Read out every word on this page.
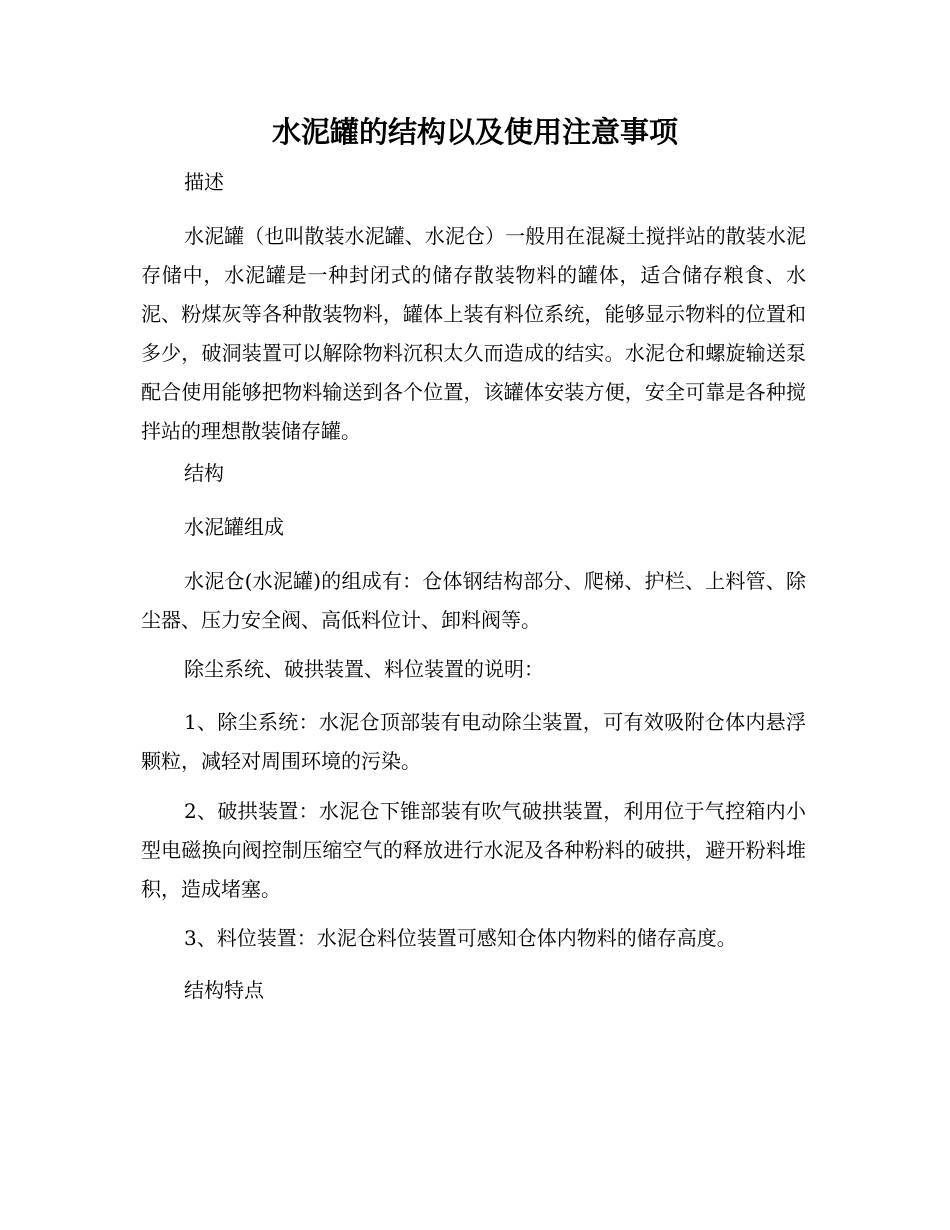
水泥罐的结构以及使用注意事项

描述

水泥罐（也叫散装水泥罐、水泥仓）一般用在混凝土搅拌站的散装水泥存储中，水泥罐是一种封闭式的储存散装物料的罐体，适合储存粮食、水泥、粉煤灰等各种散装物料，罐体上装有料位系统，能够显示物料的位置和多少，破洞装置可以解除物料沉积太久而造成的结实。水泥仓和螺旋输送泵配合使用能够把物料输送到各个位置，该罐体安装方便，安全可靠是各种搅拌站的理想散装储存罐。

结构

水泥罐组成

水泥仓(水泥罐)的组成有：仓体钢结构部分、爬梯、护栏、上料管、除尘器、压力安全阀、高低料位计、卸料阀等。

除尘系统、破拱装置、料位装置的说明：

1、除尘系统：水泥仓顶部装有电动除尘装置，可有效吸附仓体内悬浮颗粒，减轻对周围环境的污染。

2、破拱装置：水泥仓下锥部装有吹气破拱装置，利用位于气控箱内小型电磁换向阀控制压缩空气的释放进行水泥及各种粉料的破拱，避开粉料堆积，造成堵塞。

3、料位装置：水泥仓料位装置可感知仓体内物料的储存高度。

结构特点
